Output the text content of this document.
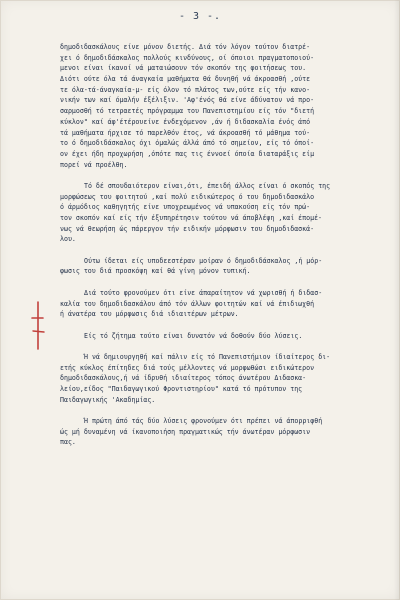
- 3 -.
δημοδιδασκάλους είνε μόνον διετής. Διά τόν λόγον τούτον διατρέ-
χει ό δημοδιδάσκαλος πολλούς κινδύνους, οί όποιοι πραγματοποιού-
μενοι είναι ίκανοί νά ματαιώσουν τόν σκοπόν της φοιτήσεως του.
Διότι ούτε όλα τά άναγκαία μαθήματα θά δυνηθή νά άκροασθή ,ούτε
τε όλα-τά-άναγκαία-μ- είς όλον τό πλάτος των,ούτε είς τήν κανο-
νικήν των καί όμαλήν έξέλιξιν. 'Αφ'ένός θά είνε άδύνατον νά προ-
σαρμοσθή τό τετραετές πρόγραμμα του Πανεπιστημίου είς τόν "διετή
κύκλον" καί άφ'έτέρουείνε ένδεχόμενον ,άν ή διδασκαλία ένός άπό
τά μαθήματα ήρχισε τό παρελθόν έτος, νά άκροασθή τό μάθημα τού-
το ό δημοδιδάσκαλος όχι όμαλώς άλλά άπό τό σημείον, είς τό όποί-
ον έχει ήδη προχωρήση ,όπότε πας τις έννοεί όποία διαταράξις είμ
πορεί νά προέλθη.
Τό δέ σπουδαιότερον είναι,ότι, έπειδή άλλος είναι ό σκοπός της
μορφώσεως του φοιτητού ,καί πολύ ειδικώτερος ό του δημοδιδασκάλο
ό άρμόδιος καθηγητής είνε υποχρεωμένος νά υπακούση είς τόν πρώ-
τον σκοπόν καί είς τήν έξυπηρέτησιν τούτου νά άποβλέψη ,καί έπομέ-
νως νά θεωρήση ώς πάρεργον τήν ειδικήν μόρφωσιν του δημοδιδασκά-
λου.
Ούτω ίδεται είς υποδεεστέραν μοίραν ό δημοδιδάσκαλος ,ή μόρ-
φωσις του διά προσκόψη καί θά γίνη μόνον τυπική.
Διά τούτο φρονούμεν ότι είνε άπαραίτητον νά χωρισθή ή διδασ-
καλία του δημοδιδασκάλου άπό τόν άλλων φοιτητών καί νά έπιδιωχθή
ή άνατέρα του μόρφωσις διά ιδιαιτέρων μέτρων.
Είς τό ζήτημα τούτο είναι δυνατόν νά δοθούν δύο λύσεις.
Ή νά δημιουργηθή καί πάλιν είς τό Πανεπιστήμιον ίδιαίτερος δι-
ετής κύκλος έπίτηδες διά τούς μέλλοντες νά μορφωθώσι ειδικώτερον
δημοδιδασκάλους,ή νά ίδρυθή ιδιαίτερος τόπος άνωτέρου Διδασκα-
λείου,είδος "Παιδαγωγικού Φροντιστηρίου" κατά τό πρότυπον της
Παιδαγωγικής 'Ακαδημίας.
Ή πρώτη άπό τάς δύο λύσεις φρονούμεν ότι πρέπει νά άπορριφθή
ώς μή δυναμένη νά ίκανοποιήση πραγματικώς τήν άνωτέραν μόρφωσιν
πας.
